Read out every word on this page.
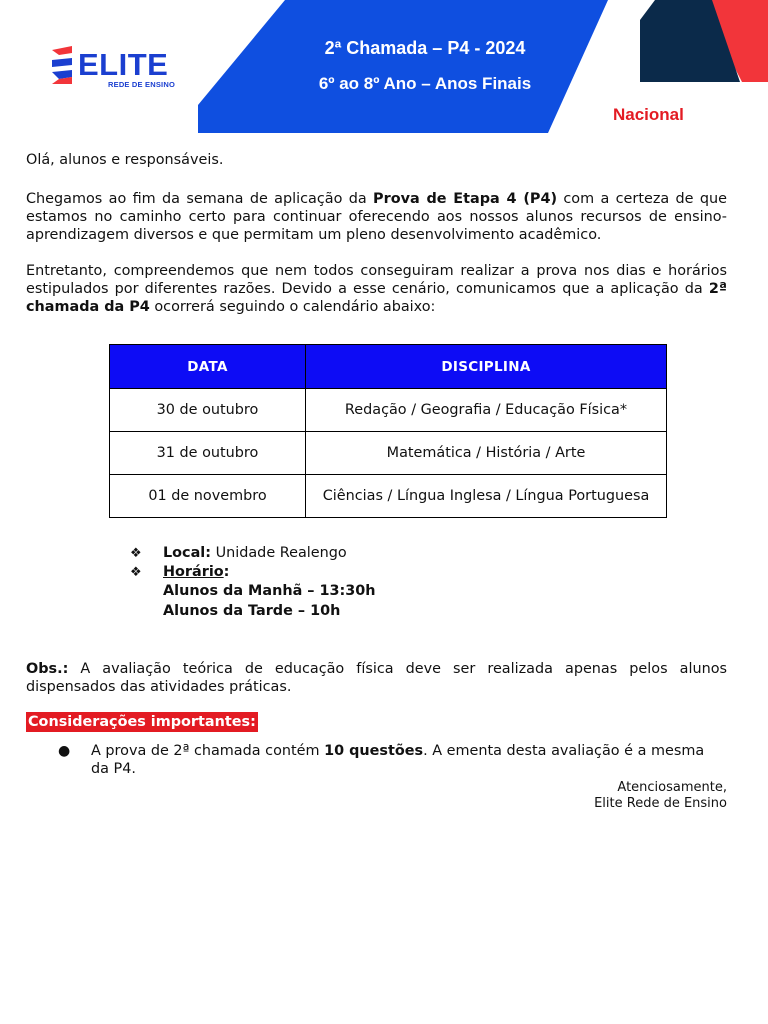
ELITE
REDE DE ENSINO
2ª Chamada – P4 - 2024
6º ao 8º Ano – Anos Finais
Nacional
Olá, alunos e responsáveis.
Chegamos ao fim da semana de aplicação da Prova de Etapa 4 (P4) com a certeza de que estamos no caminho certo para continuar oferecendo aos nossos alunos recursos de ensino-aprendizagem diversos e que permitam um pleno desenvolvimento acadêmico.
Entretanto, compreendemos que nem todos conseguiram realizar a prova nos dias e horários estipulados por diferentes razões. Devido a esse cenário, comunicamos que a aplicação da 2ª chamada da P4 ocorrerá seguindo o calendário abaixo:
DATA	DISCIPLINA
30 de outubro	Redação / Geografia / Educação Física*
31 de outubro	Matemática / História / Arte
01 de novembro	Ciências / Língua Inglesa / Língua Portuguesa
❖ Local: Unidade Realengo
❖ Horário:
Alunos da Manhã – 13:30h
Alunos da Tarde – 10h
Obs.: A avaliação teórica de educação física deve ser realizada apenas pelos alunos dispensados das atividades práticas.
Considerações importantes:
● A prova de 2ª chamada contém 10 questões. A ementa desta avaliação é a mesma da P4.
Atenciosamente,
Elite Rede de Ensino
